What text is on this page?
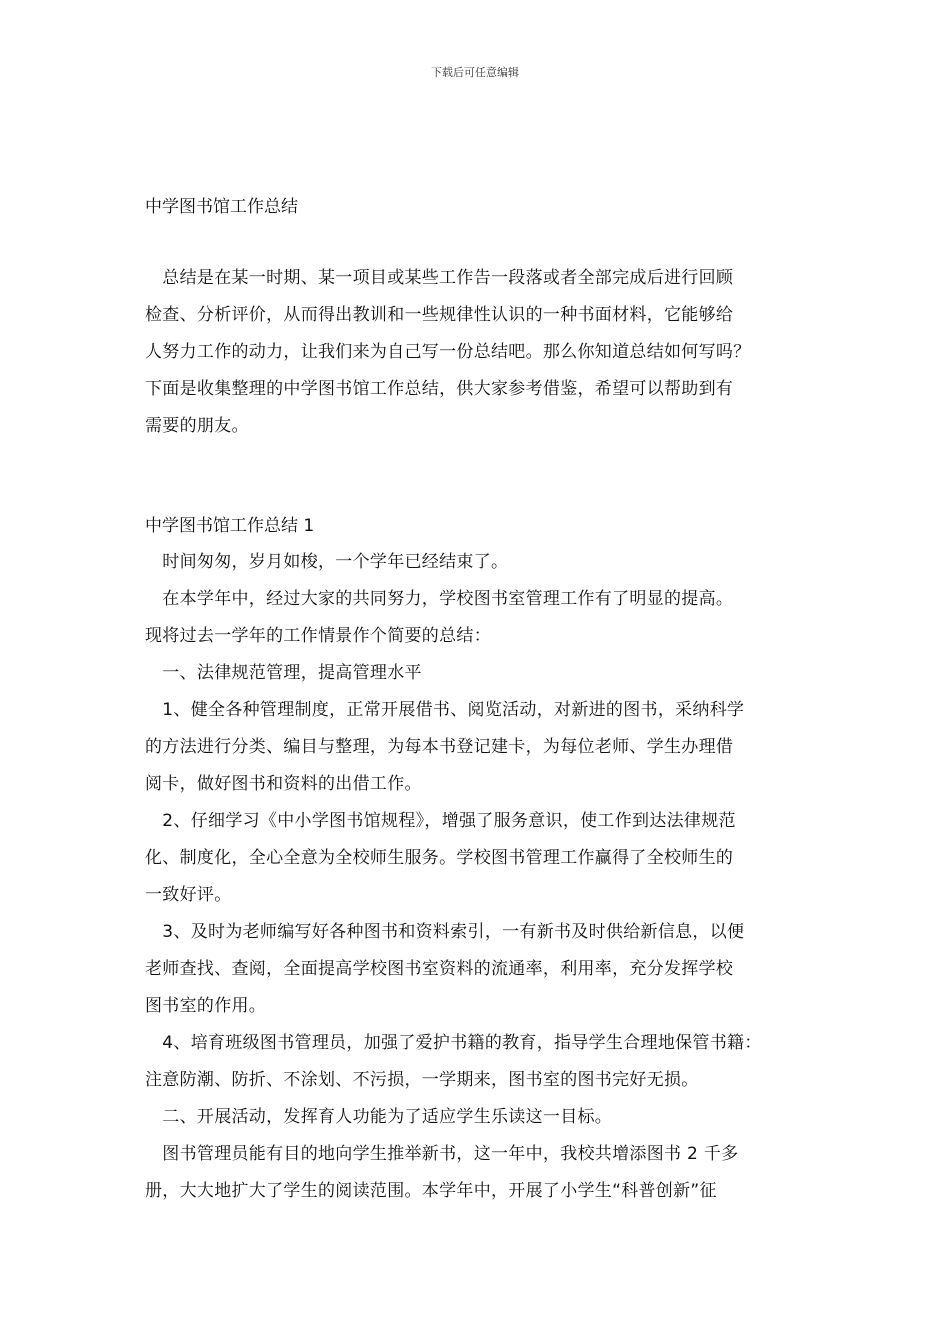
下载后可任意编辑
中学图书馆工作总结
　总结是在某一时期、某一项目或某些工作告一段落或者全部完成后进行回顾
检查、分析评价，从而得出教训和一些规律性认识的一种书面材料，它能够给
人努力工作的动力，让我们来为自己写一份总结吧。那么你知道总结如何写吗？
下面是收集整理的中学图书馆工作总结，供大家参考借鉴，希望可以帮助到有
需要的朋友。
中学图书馆工作总结 1
　时间匆匆，岁月如梭，一个学年已经结束了。
　在本学年中，经过大家的共同努力，学校图书室管理工作有了明显的提高。
现将过去一学年的工作情景作个简要的总结：
　一、法律规范管理，提高管理水平
　1、健全各种管理制度，正常开展借书、阅览活动，对新进的图书，采纳科学
的方法进行分类、编目与整理，为每本书登记建卡，为每位老师、学生办理借
阅卡，做好图书和资料的出借工作。
　2、仔细学习《中小学图书馆规程》，增强了服务意识，使工作到达法律规范
化、制度化，全心全意为全校师生服务。学校图书管理工作赢得了全校师生的
一致好评。
　3、及时为老师编写好各种图书和资料索引，一有新书及时供给新信息，以便
老师查找、查阅，全面提高学校图书室资料的流通率，利用率，充分发挥学校
图书室的作用。
　4、培育班级图书管理员，加强了爱护书籍的教育，指导学生合理地保管书籍：
注意防潮、防折、不涂划、不污损，一学期来，图书室的图书完好无损。
　二、开展活动，发挥育人功能为了适应学生乐读这一目标。
　图书管理员能有目的地向学生推举新书，这一年中，我校共增添图书 2 千多
册，大大地扩大了学生的阅读范围。本学年中，开展了小学生“科普创新”征
